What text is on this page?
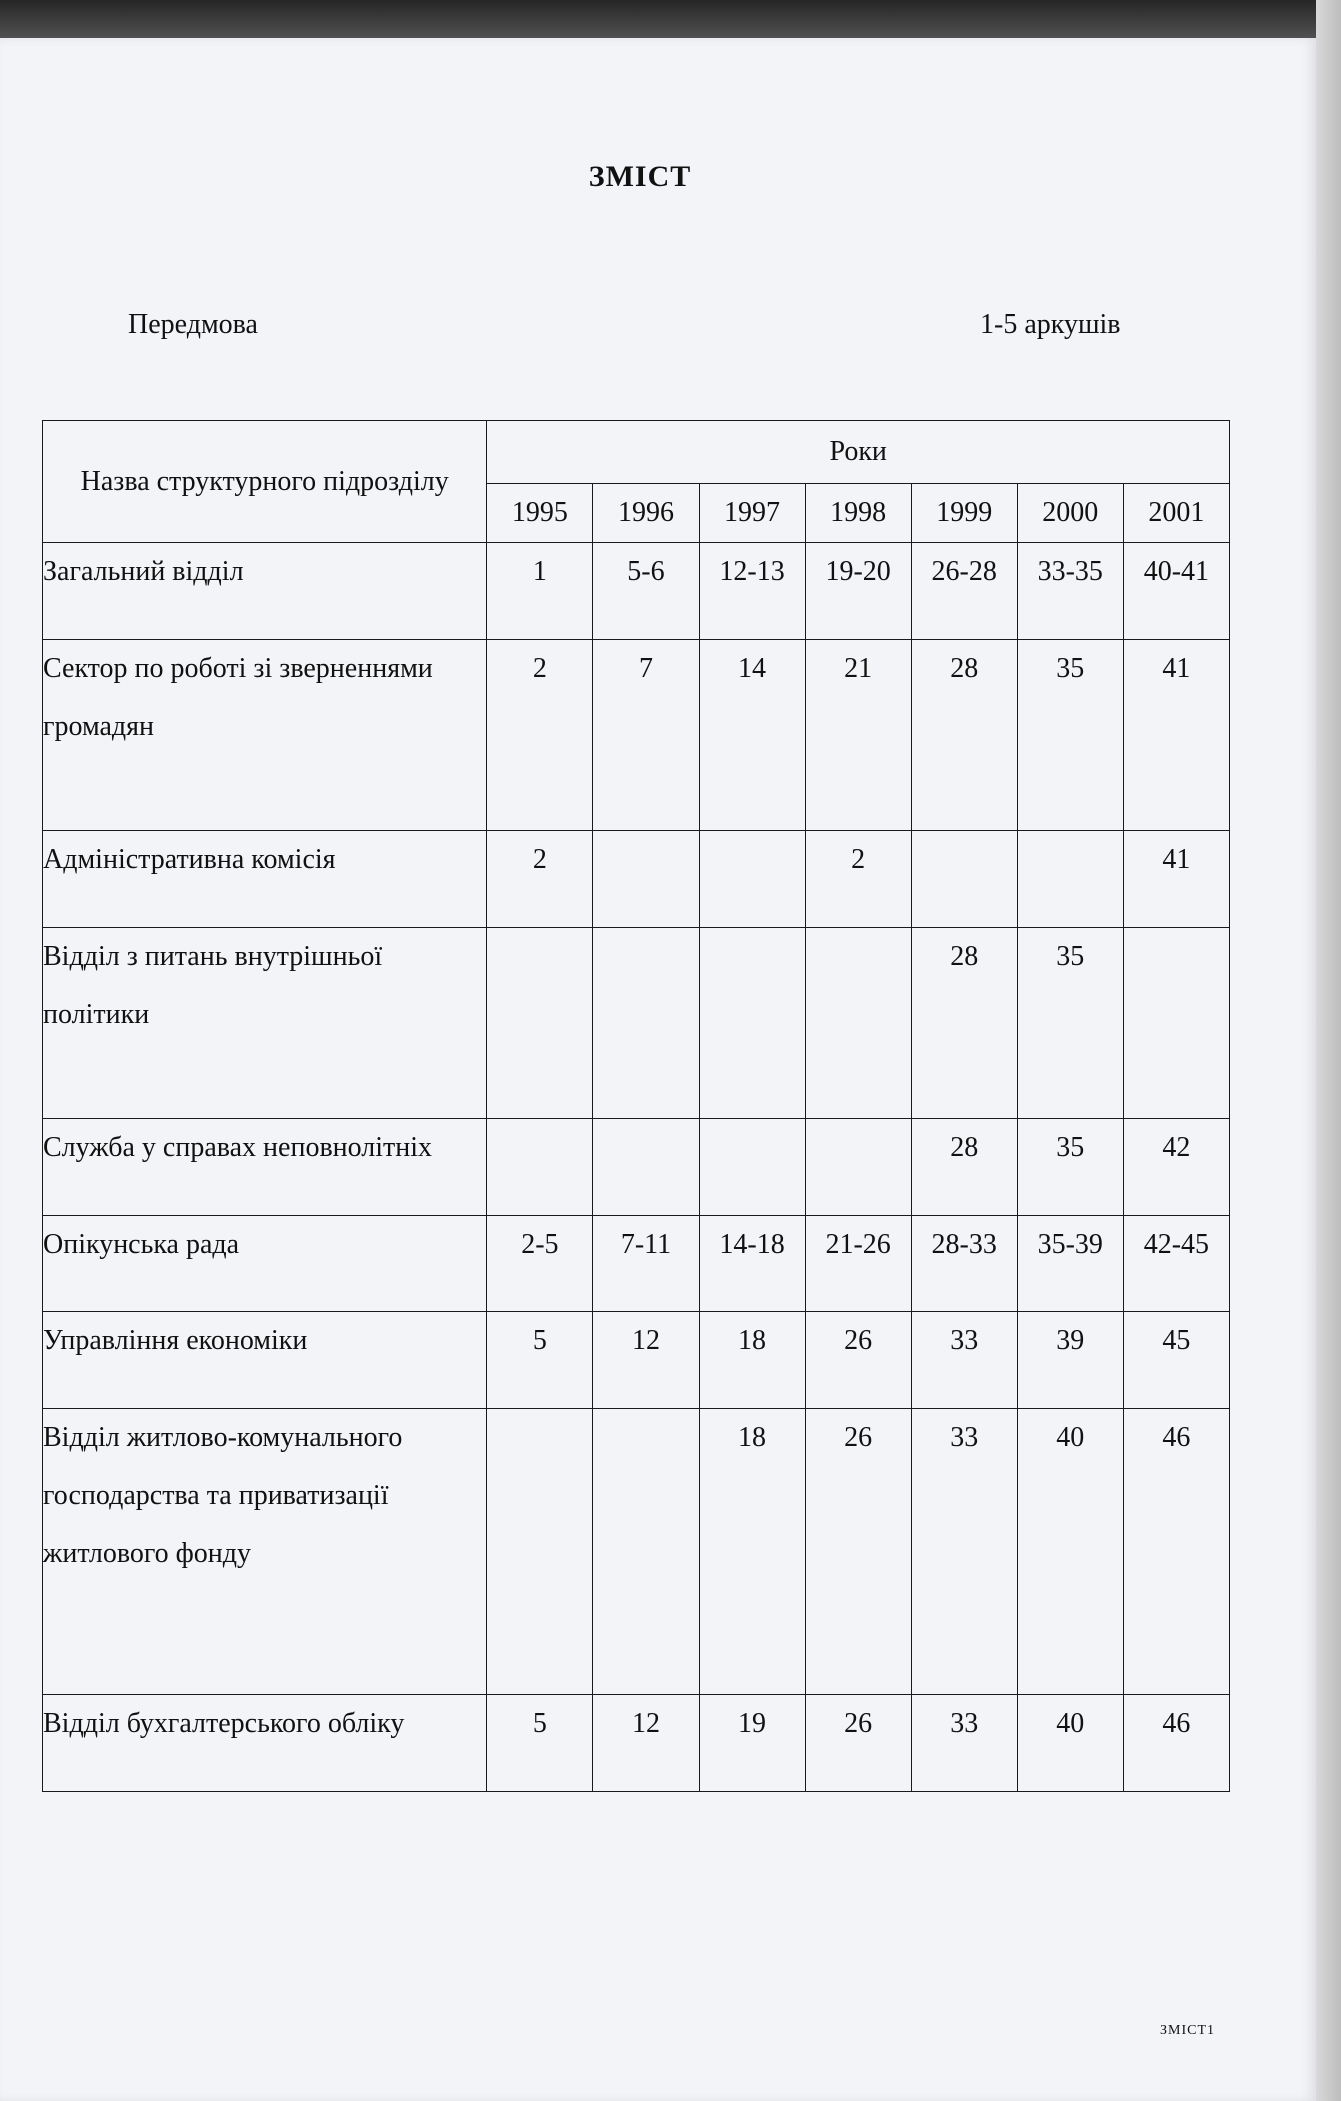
ЗМІСТ
Передмова	1-5 аркушів
Назва структурного підрозділу	Роки						
	1995	1996	1997	1998	1999	2000	2001
Загальний відділ	1	5-6	12-13	19-20	26-28	33-35	40-41
Сектор по роботі зі зверненнями громадян	2	7	14	21	28	35	41
Адміністративна комісія	2			2			41
Відділ з питань внутрішньої політики					28	35	
Служба у справах неповнолітніх					28	35	42
Опікунська рада	2-5	7-11	14-18	21-26	28-33	35-39	42-45
Управління економіки	5	12	18	26	33	39	45
Відділ житлово-комунального господарства та приватизації житлового фонду			18	26	33	40	46
Відділ бухгалтерського обліку	5	12	19	26	33	40	46
ЗМІСТ1
